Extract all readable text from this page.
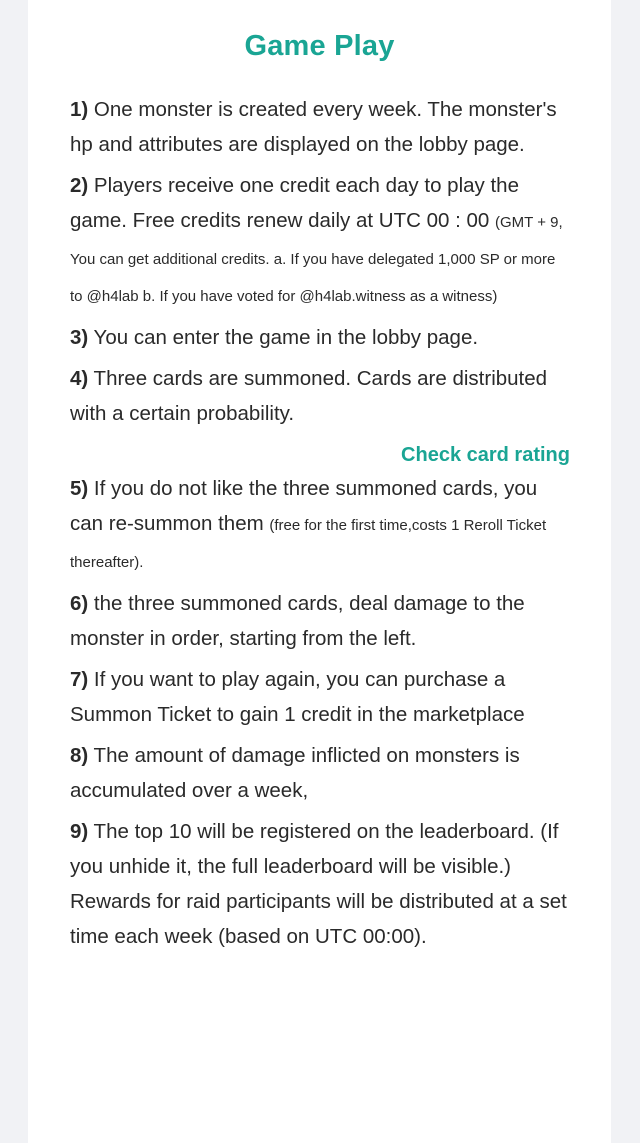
Game Play
1) One monster is created every week. The monster's hp and attributes are displayed on the lobby page.
2) Players receive one credit each day to play the game. Free credits renew daily at UTC 00 : 00 (GMT + 9, You can get additional credits. a. If you have delegated 1,000 SP or more to @h4lab b. If you have voted for @h4lab.witness as a witness)
3) You can enter the game in the lobby page.
4) Three cards are summoned. Cards are distributed with a certain probability.
Check card rating
5) If you do not like the three summoned cards, you can re-summon them (free for the first time,costs 1 Reroll Ticket thereafter).
6) the three summoned cards, deal damage to the monster in order, starting from the left.
7) If you want to play again, you can purchase a Summon Ticket to gain 1 credit in the marketplace
8) The amount of damage inflicted on monsters is accumulated over a week,
9) The top 10 will be registered on the leaderboard. (If you unhide it, the full leaderboard will be visible.) Rewards for raid participants will be distributed at a set time each week (based on UTC 00:00).
